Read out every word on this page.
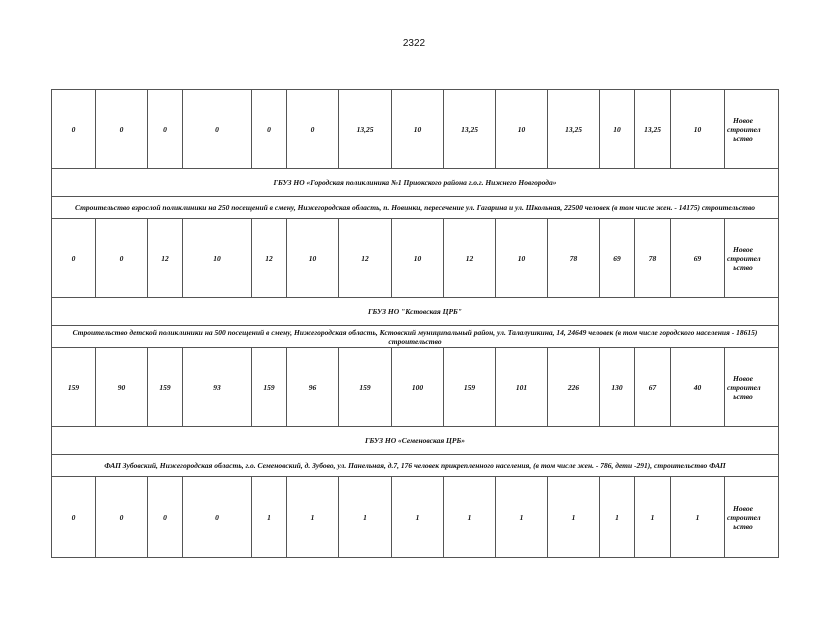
2322
0	0	0	0	0	0	13,25	10	13,25	10	13,25	10	13,25	10	Новое строител ьство

ГБУЗ НО «Городская поликлиника №1 Приокского района г.о.г. Нижнего Новгорода»														
Строительство взрослой поликлиники на 250 посещений в смену, Нижегородская область, п. Новинки, пересечение ул. Гагарина и ул. Школьная, 22500 человек (в том числе жен. - 14175) строительство														
0	0	12	10	12	10	12	10	12	10	78	69	78	69	Новое строител ьство

ГБУЗ НО "Кстовская ЦРБ"														
Строительство детской поликлиники на 500 посещений в смену, Нижегородская область, Кстовский муниципальный район, ул. Талалушкина, 14, 24649 человек (в том числе городского населения - 18615) строительство														
159	90	159	93	159	96	159	100	159	101	226	130	67	40	Новое строител ьство

ГБУЗ НО «Семеновская ЦРБ»														
ФАП Зубовский, Нижегородская область, г.о. Семеновский, д. Зубово, ул. Панельная, д.7, 176 человек прикрепленного населения, (в том числе жен. - 786, дети -291), строительство ФАП														
0	0	0	0	1	1	1	1	1	1	1	1	1	1	Новое строител ьство
